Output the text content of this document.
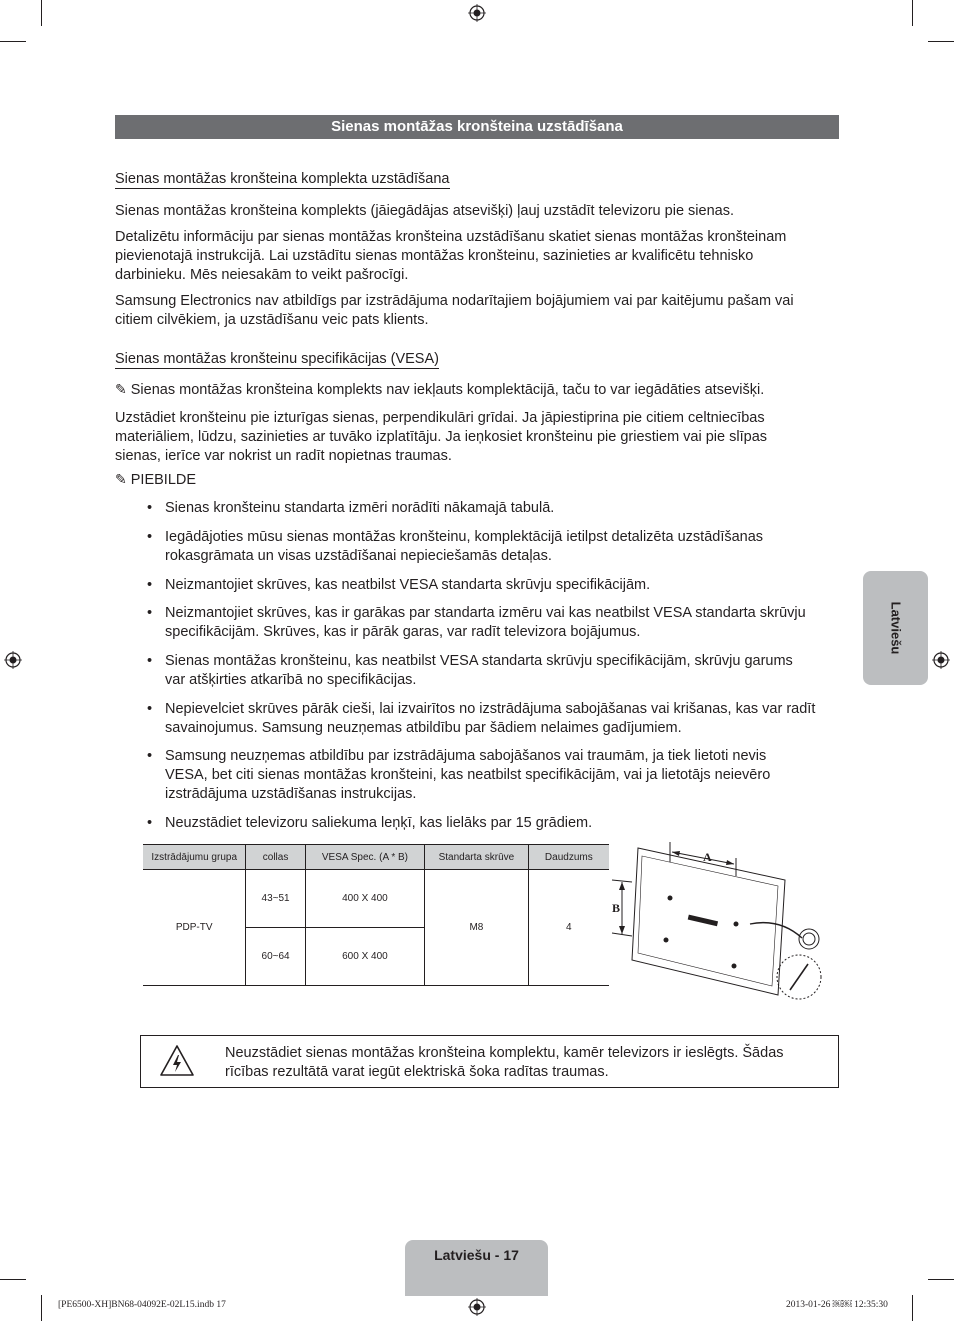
Sienas montāžas kronšteina uzstādīšana
Sienas montāžas kronšteina komplekta uzstādīšana
Sienas montāžas kronšteina komplekts (jāiegādājas atsevišķi) ļauj uzstādīt televizoru pie sienas.
Detalizētu informāciju par sienas montāžas kronšteina uzstādīšanu skatiet sienas montāžas kronšteinam
pievienotajā instrukcijā. Lai uzstādītu sienas montāžas kronšteinu, sazinieties ar kvalificētu tehnisko
darbinieku. Mēs neiesakām to veikt pašrocīgi.
Samsung Electronics nav atbildīgs par izstrādājuma nodarītajiem bojājumiem vai par kaitējumu pašam vai
citiem cilvēkiem, ja uzstādīšanu veic pats klients.
Sienas montāžas kronšteinu specifikācijas (VESA)
✎ Sienas montāžas kronšteina komplekts nav iekļauts komplektācijā, taču to var iegādāties atsevišķi.
Uzstādiet kronšteinu pie izturīgas sienas, perpendikulāri grīdai. Ja jāpiestiprina pie citiem celtniecības
materiāliem, lūdzu, sazinieties ar tuvāko izplatītāju. Ja ieņkosiet kronšteinu pie griestiem vai pie slīpas
sienas, ierīce var nokrist un radīt nopietnas traumas.
✎ PIEBILDE
• Sienas kronšteinu standarta izmēri norādīti nākamajā tabulā.
• Iegādājoties mūsu sienas montāžas kronšteinu, komplektācijā ietilpst detalizēta uzstādīšanas
rokasgrāmata un visas uzstādīšanai nepieciešamās detaļas.
• Neizmantojiet skrūves, kas neatbilst VESA standarta skrūvju specifikācijām.
• Neizmantojiet skrūves, kas ir garākas par standarta izmēru vai kas neatbilst VESA standarta skrūvju
specifikācijām. Skrūves, kas ir pārāk garas, var radīt televizora bojājumus.
• Sienas montāžas kronšteinu, kas neatbilst VESA standarta skrūvju specifikācijām, skrūvju garums
var atšķirties atkarībā no specifikācijas.
• Nepievelciet skrūves pārāk cieši, lai izvairītos no izstrādājuma sabojāšanas vai krišanas, kas var radīt
savainojumus. Samsung neuzņemas atbildību par šādiem nelaimes gadījumiem.
• Samsung neuzņemas atbildību par izstrādājuma sabojāšanos vai traumām, ja tiek lietoti nevis
VESA, bet citi sienas montāžas kronšteini, kas neatbilst specifikācijām, vai ja lietotājs neievēro
izstrādājuma uzstādīšanas instrukcijas.
• Neuzstādiet televizoru saliekuma leņķī, kas lielāks par 15 grādiem.
Izstrādājumu grupa	collas	VESA Spec. (A * B)	Standarta skrūve	Daudzums
PDP-TV	43~51	400 X 400	M8	4
	60~64	600 X 400		
A
B
Neuzstādiet sienas montāžas kronšteina komplektu, kamēr televizors ir ieslēgts. Šādas
rīcības rezultātā varat iegūt elektriskā šoka radītas traumas.
Latviešu
Latviešu - 17
[PE6500-XH]BN68-04092E-02L15.indb 17	2013-01-26 ￼￼ 12:35:30
